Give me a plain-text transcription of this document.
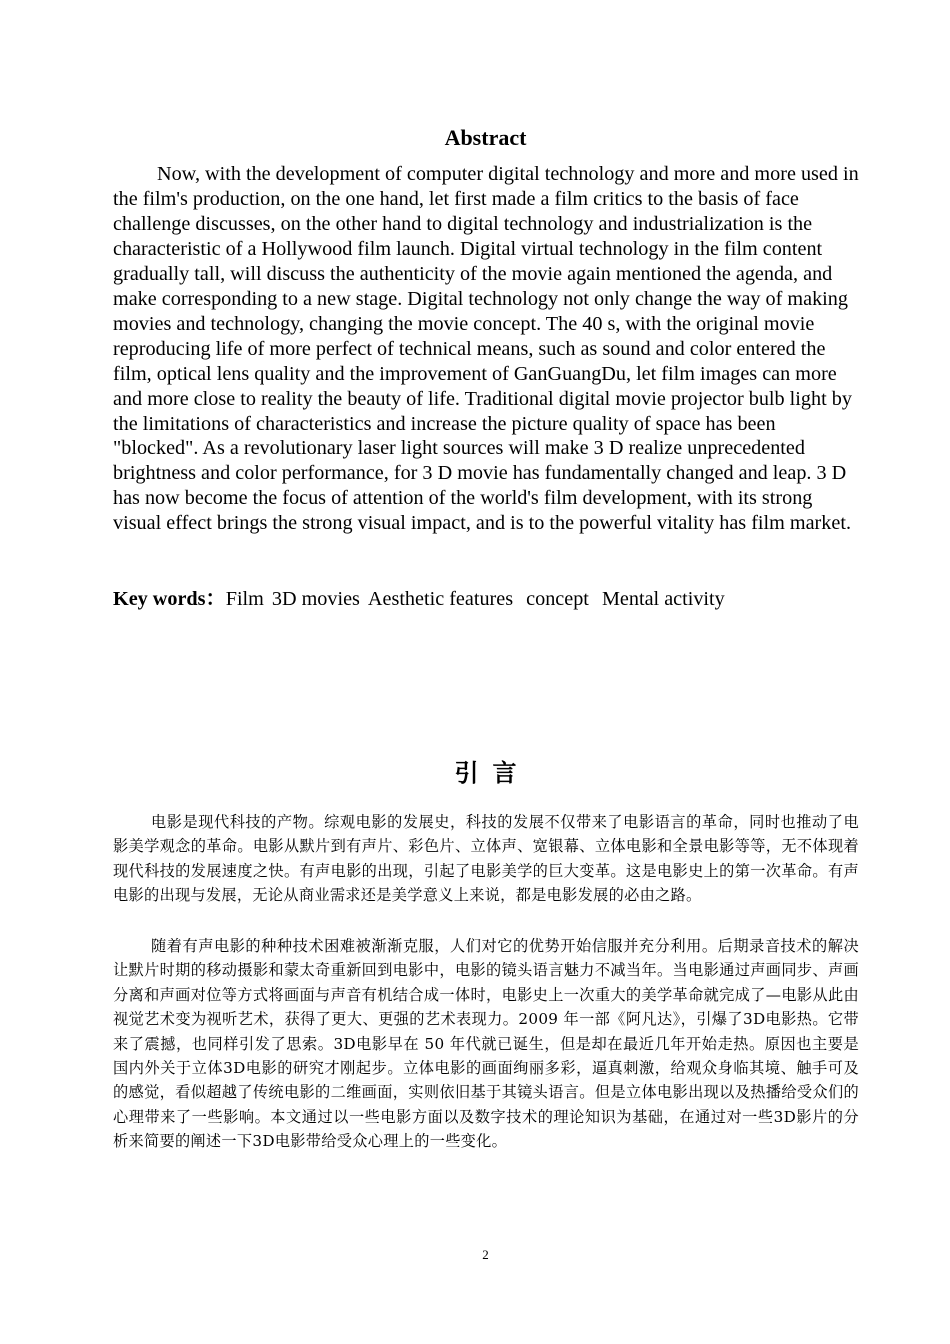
Abstract

Now, with the development of computer digital technology and more and more used in the film's production, on the one hand, let first made a film critics to the basis of face challenge discusses, on the other hand to digital technology and industrialization is the characteristic of a Hollywood film launch. Digital virtual technology in the film content gradually tall, will discuss the authenticity of the movie again mentioned the agenda, and make corresponding to a new stage. Digital technology not only change the way of making movies and technology, changing the movie concept. The 40 s, with the original movie reproducing life of more perfect of technical means, such as sound and color entered the film, optical lens quality and the improvement of GanGuangDu, let film images can more and more close to reality the beauty of life. Traditional digital movie projector bulb light by the limitations of characteristics and increase the picture quality of space has been "blocked". As a revolutionary laser light sources will make 3 D realize unprecedented brightness and color performance, for 3 D movie has fundamentally changed and leap. 3 D has now become the focus of attention of the world's film development, with its strong visual effect brings the strong visual impact, and is to the powerful vitality has film market.

Key words：Film 3D movies Aesthetic features concept Mental activity
引言

电影是现代科技的产物。综观电影的发展史，科技的发展不仅带来了电影语言的革命，同时也推动了电影美学观念的革命。电影从默片到有声片、彩色片、立体声、宽银幕、立体电影和全景电影等等，无不体现着现代科技的发展速度之快。有声电影的出现，引起了电影美学的巨大变革。这是电影史上的第一次革命。有声电影的出现与发展，无论从商业需求还是美学意义上来说，都是电影发展的必由之路。

随着有声电影的种种技术困难被渐渐克服，人们对它的优势开始信服并充分利用。后期录音技术的解决让默片时期的移动摄影和蒙太奇重新回到电影中，电影的镜头语言魅力不减当年。当电影通过声画同步、声画分离和声画对位等方式将画面与声音有机结合成一体时，电影史上一次重大的美学革命就完成了—电影从此由视觉艺术变为视听艺术，获得了更大、更强的艺术表现力。2009 年一部《阿凡达》，引爆了3D电影热。它带来了震撼，也同样引发了思索。3D电影早在 50 年代就已诞生，但是却在最近几年开始走热。原因也主要是国内外关于立体3D电影的研究才刚起步。立体电影的画面绚丽多彩，逼真刺激，给观众身临其境、触手可及的感觉，看似超越了传统电影的二维画面，实则依旧基于其镜头语言。但是立体电影出现以及热播给受众们的心理带来了一些影响。本文通过以一些电影方面以及数字技术的理论知识为基础，在通过对一些3D影片的分析来简要的阐述一下3D电影带给受众心理上的一些变化。

2
